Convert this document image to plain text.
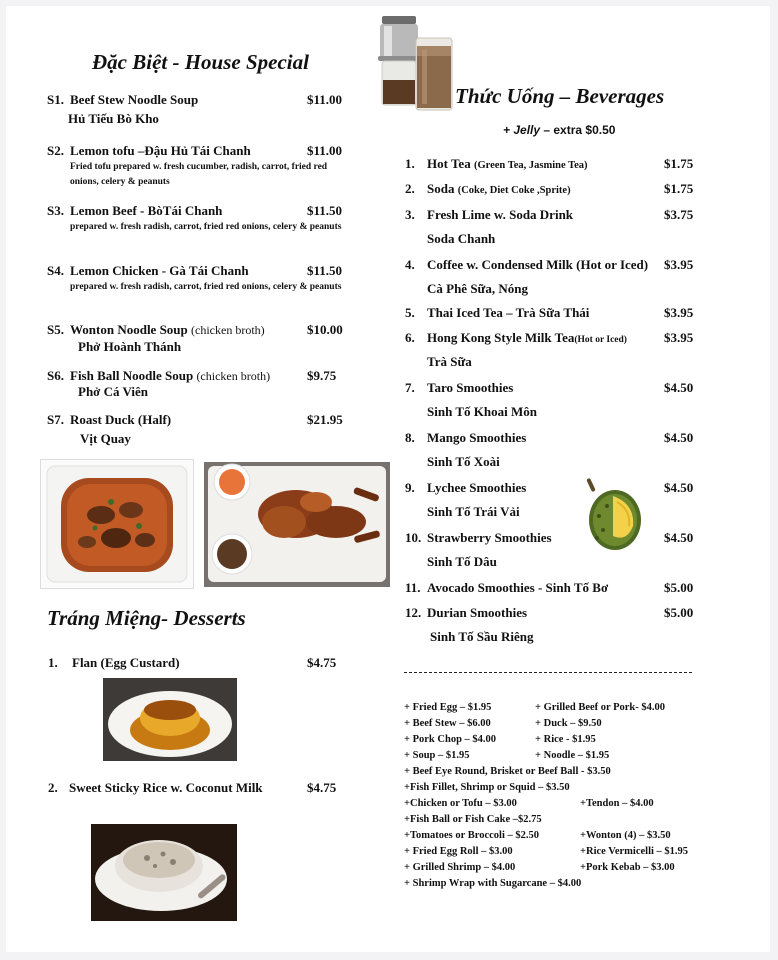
Đặc Biệt - House Special
S1. Beef Stew Noodle Soup	$11.00
Hủ Tiếu Bò Kho
S2. Lemon tofu –Đậu Hủ Tái Chanh	$11.00
Fried tofu prepared w. fresh cucumber, radish, carrot, fried red onions, celery & peanuts
S3. Lemon Beef - BòTái Chanh	$11.50
prepared w. fresh radish, carrot, fried red onions, celery & peanuts
S4. Lemon Chicken - Gà Tái Chanh	$11.50
prepared w. fresh radish, carrot, fried red onions, celery & peanuts
S5. Wonton Noodle Soup (chicken broth)	$10.00
Phở Hoành Thánh
S6. Fish Ball Noodle Soup (chicken broth)	$9.75
Phở Cá Viên
S7. Roast Duck (Half)	$21.95
Vịt Quay
Tráng Miệng- Desserts
1. Flan (Egg Custard)	$4.75
2. Sweet Sticky Rice w. Coconut Milk	$4.75
Thức Uống – Beverages
+ Jelly – extra $0.50
1. Hot Tea (Green Tea, Jasmine Tea)	$1.75
2. Soda (Coke, Diet Coke ,Sprite)	$1.75
3. Fresh Lime w. Soda Drink	$3.75
Soda Chanh
4. Coffee w. Condensed Milk (Hot or Iced) $3.95
Cà Phê Sữa, Nóng
5. Thai Iced Tea – Trà Sữa Thái	$3.95
6. Hong Kong Style Milk Tea(Hot or Iced)	$3.95
Trà Sữa
7. Taro Smoothies	$4.50
Sinh Tố Khoai Môn
8. Mango Smoothies	$4.50
Sinh Tố Xoài
9. Lychee Smoothies	$4.50
Sinh Tố Trái Vải
10. Strawberry Smoothies	$4.50
Sinh Tố Dâu
11. Avocado Smoothies - Sinh Tố Bơ	$5.00
12. Durian Smoothies	$5.00
Sinh Tố Sầu Riêng
+ Fried Egg – $1.95
+ Beef Stew – $6.00
+ Pork Chop – $4.00
+ Soup – $1.95
+ Beef Eye Round, Brisket or Beef Ball - $3.50
+Fish Fillet, Shrimp or Squid – $3.50
+Chicken or Tofu – $3.00
+Fish Ball or Fish Cake –$2.75
+Tomatoes or Broccoli – $2.50
+ Fried Egg Roll – $3.00
+ Grilled Shrimp – $4.00
+ Shrimp Wrap with Sugarcane – $4.00
+ Grilled Beef or Pork- $4.00
+ Duck – $9.50
+ Rice - $1.95
+ Noodle – $1.95
+Tendon – $4.00
+Wonton (4) – $3.50
+Rice Vermicelli – $1.95
+Pork Kebab – $3.00
